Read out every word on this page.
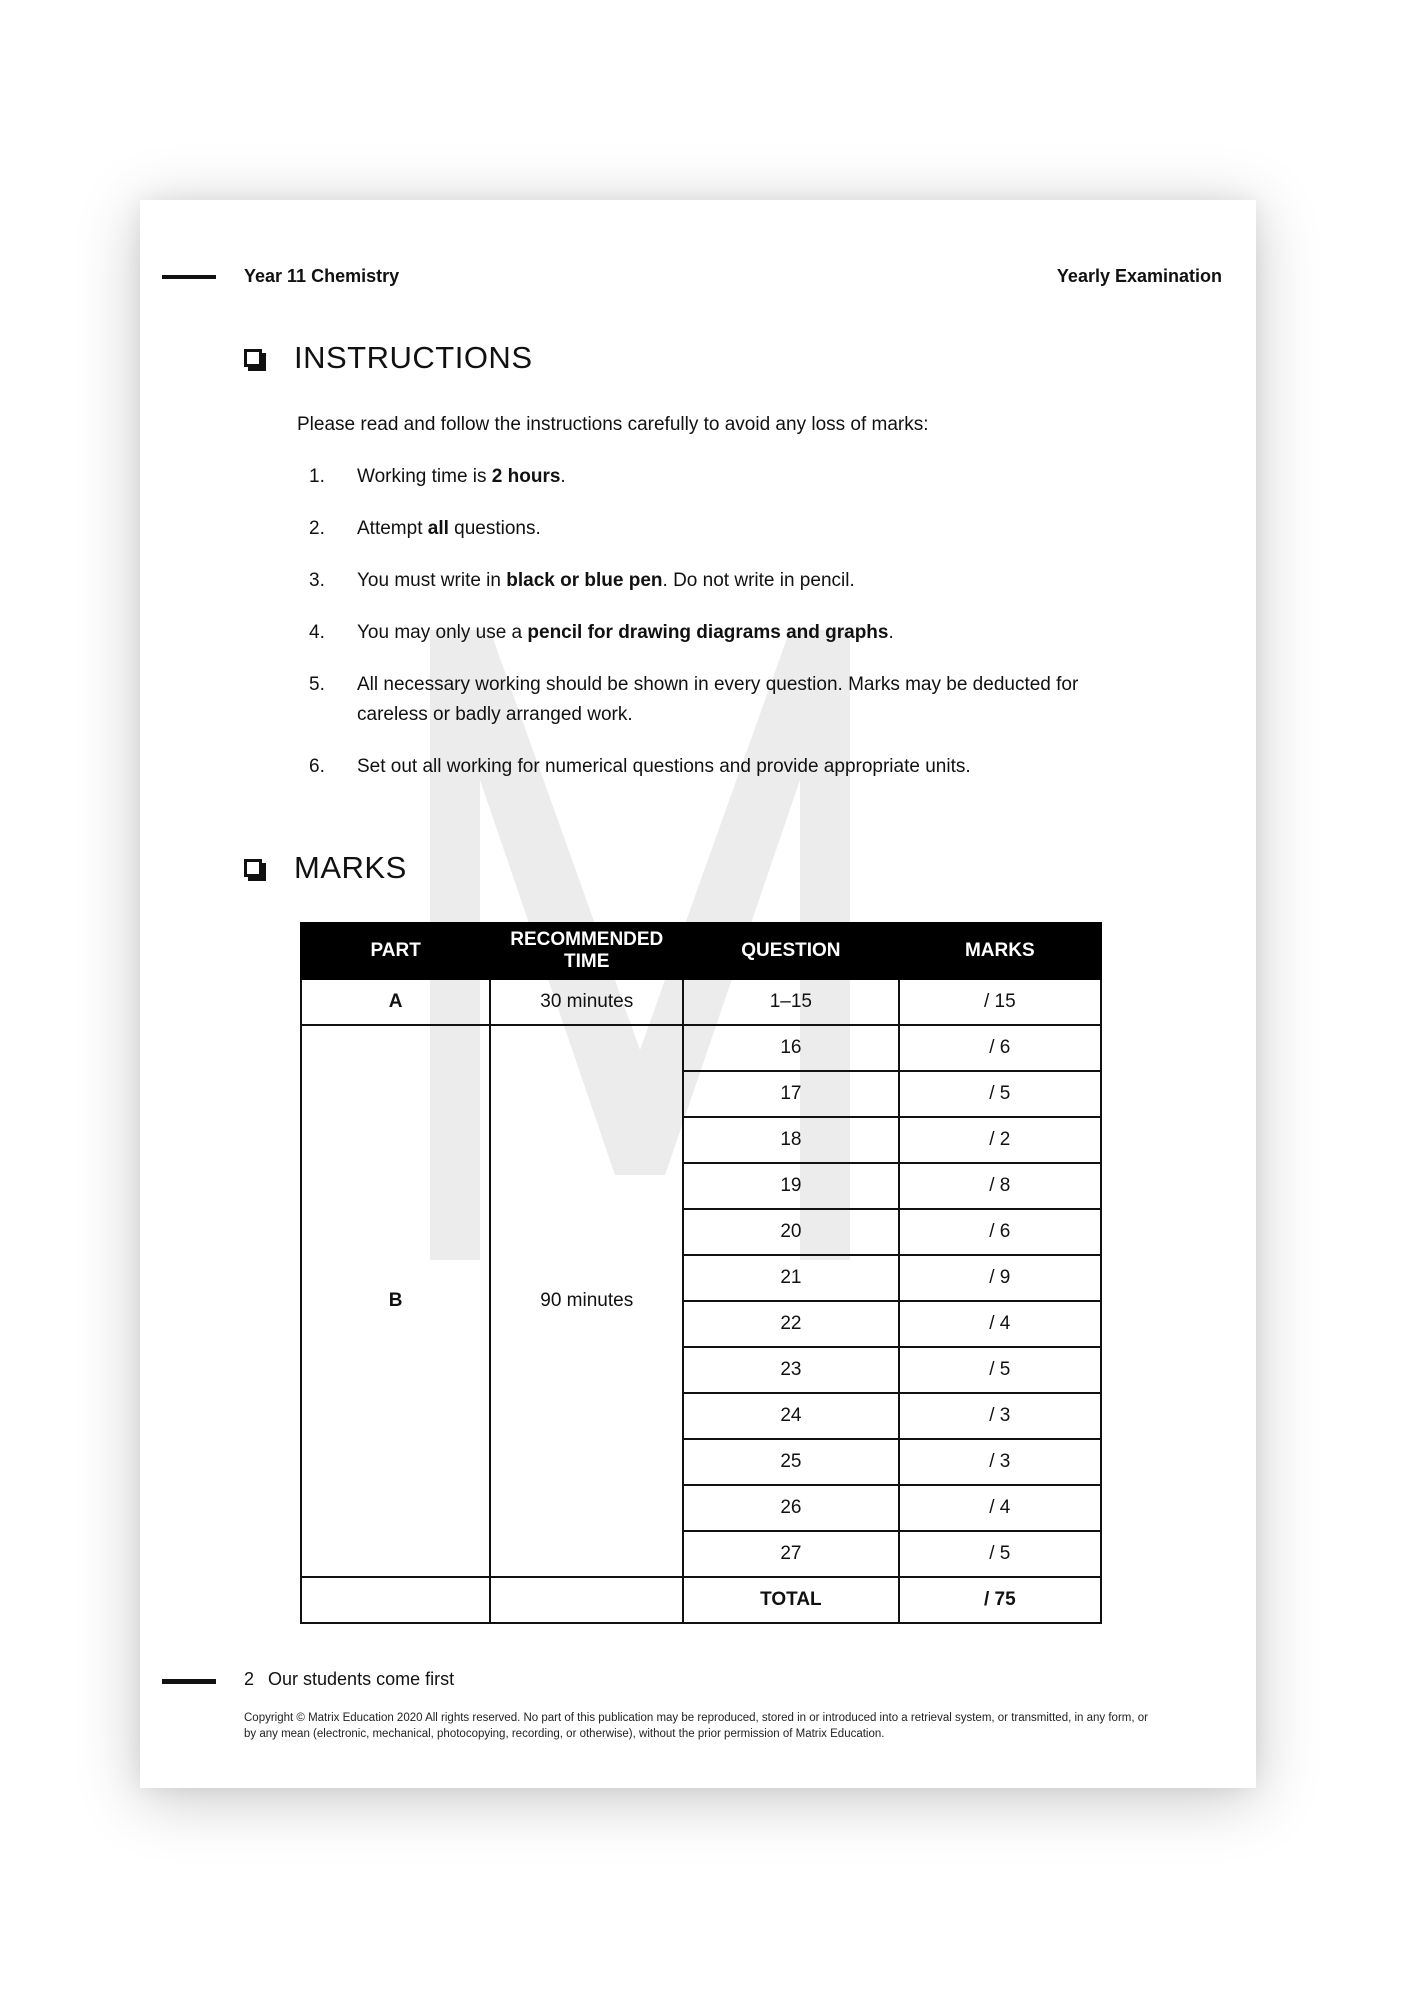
Year 11 Chemistry	Yearly Examination
INSTRUCTIONS
Please read and follow the instructions carefully to avoid any loss of marks:
1.	Working time is 2 hours.
2.	Attempt all questions.
3.	You must write in black or blue pen. Do not write in pencil.
4.	You may only use a pencil for drawing diagrams and graphs.
5.	All necessary working should be shown in every question. Marks may be deducted for careless or badly arranged work.
6.	Set out all working for numerical questions and provide appropriate units.
MARKS
PART	RECOMMENDED TIME	QUESTION	MARKS
A	30 minutes	1–15	/ 15
B	90 minutes	16	/ 6
		17	/ 5
		18	/ 2
		19	/ 8
		20	/ 6
		21	/ 9
		22	/ 4
		23	/ 5
		24	/ 3
		25	/ 3
		26	/ 4
		27	/ 5
		TOTAL	/ 75
2 Our students come first
Copyright © Matrix Education 2020 All rights reserved. No part of this publication may be reproduced, stored in or introduced into a retrieval system, or transmitted, in any form, or by any mean (electronic, mechanical, photocopying, recording, or otherwise), without the prior permission of Matrix Education.
